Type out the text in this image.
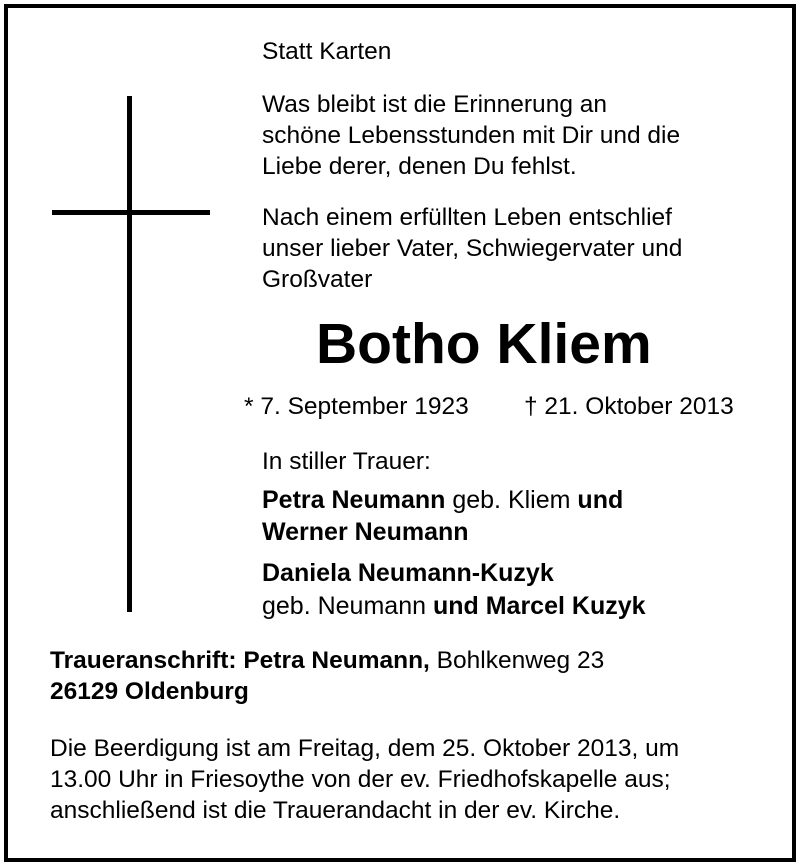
Statt Karten
Was bleibt ist die Erinnerung an
schöne Lebensstunden mit Dir und die
Liebe derer, denen Du fehlst.
Nach einem erfüllten Leben entschlief
unser lieber Vater, Schwiegervater und
Großvater
Botho Kliem
* 7. September 1923 † 21. Oktober 2013
In stiller Trauer:
Petra Neumann geb. Kliem und
Werner Neumann
Daniela Neumann-Kuzyk
geb. Neumann und Marcel Kuzyk
Traueranschrift: Petra Neumann, Bohlkenweg 23
26129 Oldenburg
Die Beerdigung ist am Freitag, dem 25. Oktober 2013, um
13.00 Uhr in Friesoythe von der ev. Friedhofskapelle aus;
anschließend ist die Trauerandacht in der ev. Kirche.
